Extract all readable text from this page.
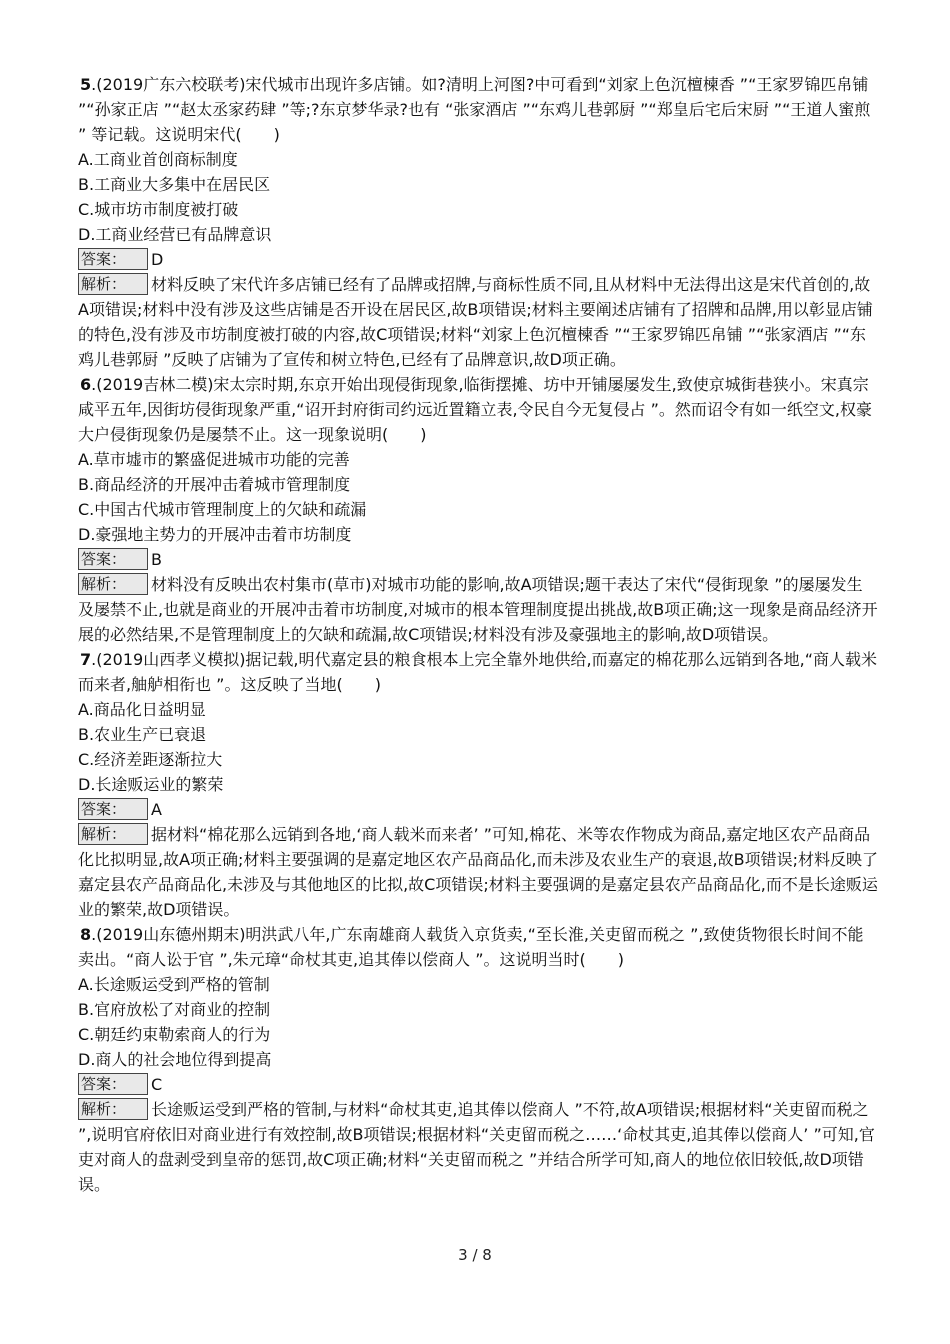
5.(2019广东六校联考)宋代城市出现许多店铺。如?清明上河图?中可看到“刘家上色沉檀楝香 ”“王家罗锦匹帛铺 ”“孙家正店 ”“赵太丞家药肆 ”等;?东京梦华录?也有 “张家酒店 ”“东鸡儿巷郭厨 ”“郑皇后宅后宋厨 ”“王道人蜜煎 ” 等记载。这说明宋代(　　)
A.工商业首创商标制度
B.工商业大多集中在居民区
C.城市坊市制度被打破
D.工商业经营已有品牌意识
答案： D
解析： 材料反映了宋代许多店铺已经有了品牌或招牌,与商标性质不同,且从材料中无法得出这是宋代首创的,故A项错误;材料中没有涉及这些店铺是否开设在居民区,故B项错误;材料主要阐述店铺有了招牌和品牌,用以彰显店铺的特色,没有涉及市坊制度被打破的内容,故C项错误;材料“刘家上色沉檀楝香 ”“王家罗锦匹帛铺 ”“张家酒店 ”“东鸡儿巷郭厨 ”反映了店铺为了宣传和树立特色,已经有了品牌意识,故D项正确。
6.(2019吉林二模)宋太宗时期,东京开始出现侵街现象,临街摆摊、坊中开铺屡屡发生,致使京城街巷狭小。宋真宗咸平五年,因街坊侵街现象严重,“诏开封府街司约远近置籍立表,令民自今无复侵占 ”。然而诏令有如一纸空文,权豪大户侵街现象仍是屡禁不止。这一现象说明(　　)
A.草市墟市的繁盛促进城市功能的完善
B.商品经济的开展冲击着城市管理制度
C.中国古代城市管理制度上的欠缺和疏漏
D.豪强地主势力的开展冲击着市坊制度
答案： B
解析： 材料没有反映出农村集市(草市)对城市功能的影响,故A项错误;题干表达了宋代“侵街现象 ”的屡屡发生及屡禁不止,也就是商业的开展冲击着市坊制度,对城市的根本管理制度提出挑战,故B项正确;这一现象是商品经济开展的必然结果,不是管理制度上的欠缺和疏漏,故C项错误;材料没有涉及豪强地主的影响,故D项错误。
7.(2019山西孝义模拟)据记载,明代嘉定县的粮食根本上完全靠外地供给,而嘉定的棉花那么远销到各地,“商人载米而来者,舳舻相衔也 ”。这反映了当地(　　)
A.商品化日益明显
B.农业生产已衰退
C.经济差距逐渐拉大
D.长途贩运业的繁荣
答案： A
解析： 据材料“棉花那么远销到各地,‘商人载米而来者’ ”可知,棉花、米等农作物成为商品,嘉定地区农产品商品化比拟明显,故A项正确;材料主要强调的是嘉定地区农产品商品化,而未涉及农业生产的衰退,故B项错误;材料反映了嘉定县农产品商品化,未涉及与其他地区的比拟,故C项错误;材料主要强调的是嘉定县农产品商品化,而不是长途贩运业的繁荣,故D项错误。
8.(2019山东德州期末)明洪武八年,广东南雄商人载货入京货卖,“至长淮,关吏留而税之 ”,致使货物很长时间不能卖出。“商人讼于官 ”,朱元璋“命杖其吏,追其俸以偿商人 ”。这说明当时(　　)
A.长途贩运受到严格的管制
B.官府放松了对商业的控制
C.朝廷约束勒索商人的行为
D.商人的社会地位得到提高
答案： C
解析： 长途贩运受到严格的管制,与材料“命杖其吏,追其俸以偿商人 ”不符,故A项错误;根据材料“关吏留而税之 ”,说明官府依旧对商业进行有效控制,故B项错误;根据材料“关吏留而税之……‘命杖其吏,追其俸以偿商人’ ”可知,官吏对商人的盘剥受到皇帝的惩罚,故C项正确;材料“关吏留而税之 ”并结合所学可知,商人的地位依旧较低,故D项错误。
3 / 8
